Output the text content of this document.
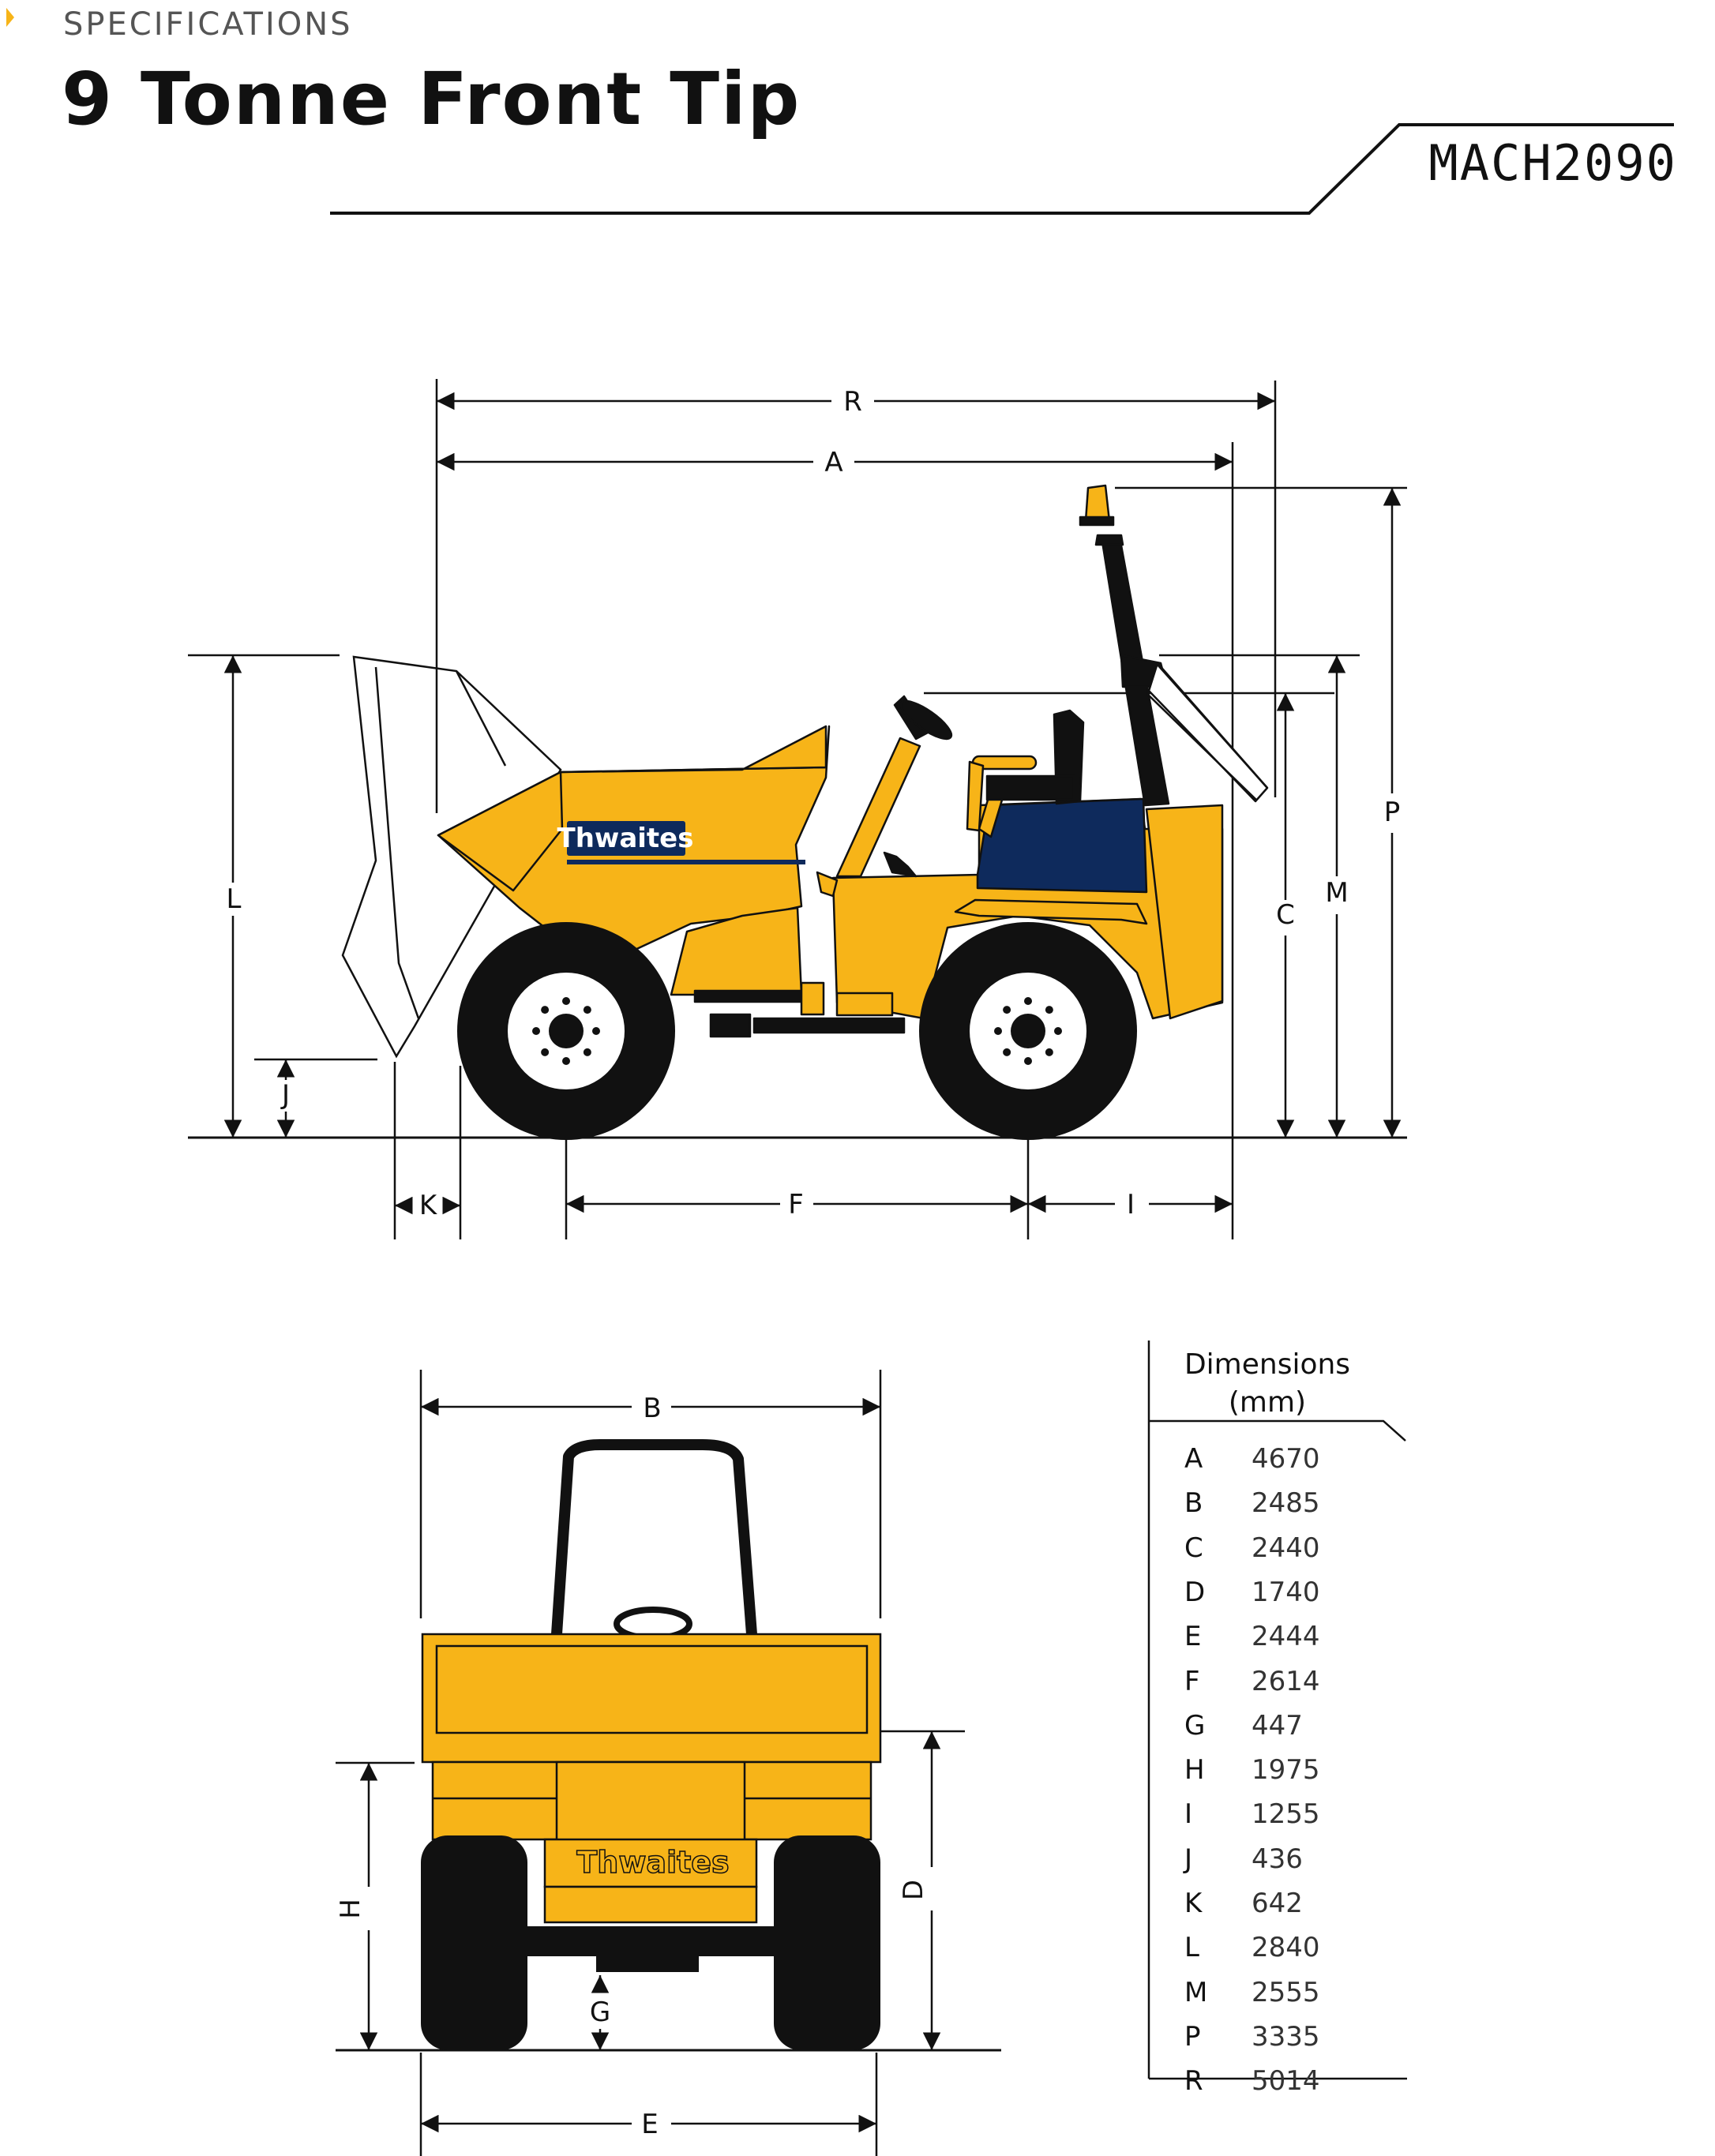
SPECIFICATIONS
9 Tonne Front Tip
MACH2090
Thwaites
R
A
L
J
K	F	I
C
M
P
Thwaites
B
H
G
D
E
Dimensions
(mm)
A 4670
B 2485
C 2440
D 1740
E 2444
F 2614
G 447
H 1975
I 1255
J 436
K 642
L 2840
M 2555
P 3335
R 5014
